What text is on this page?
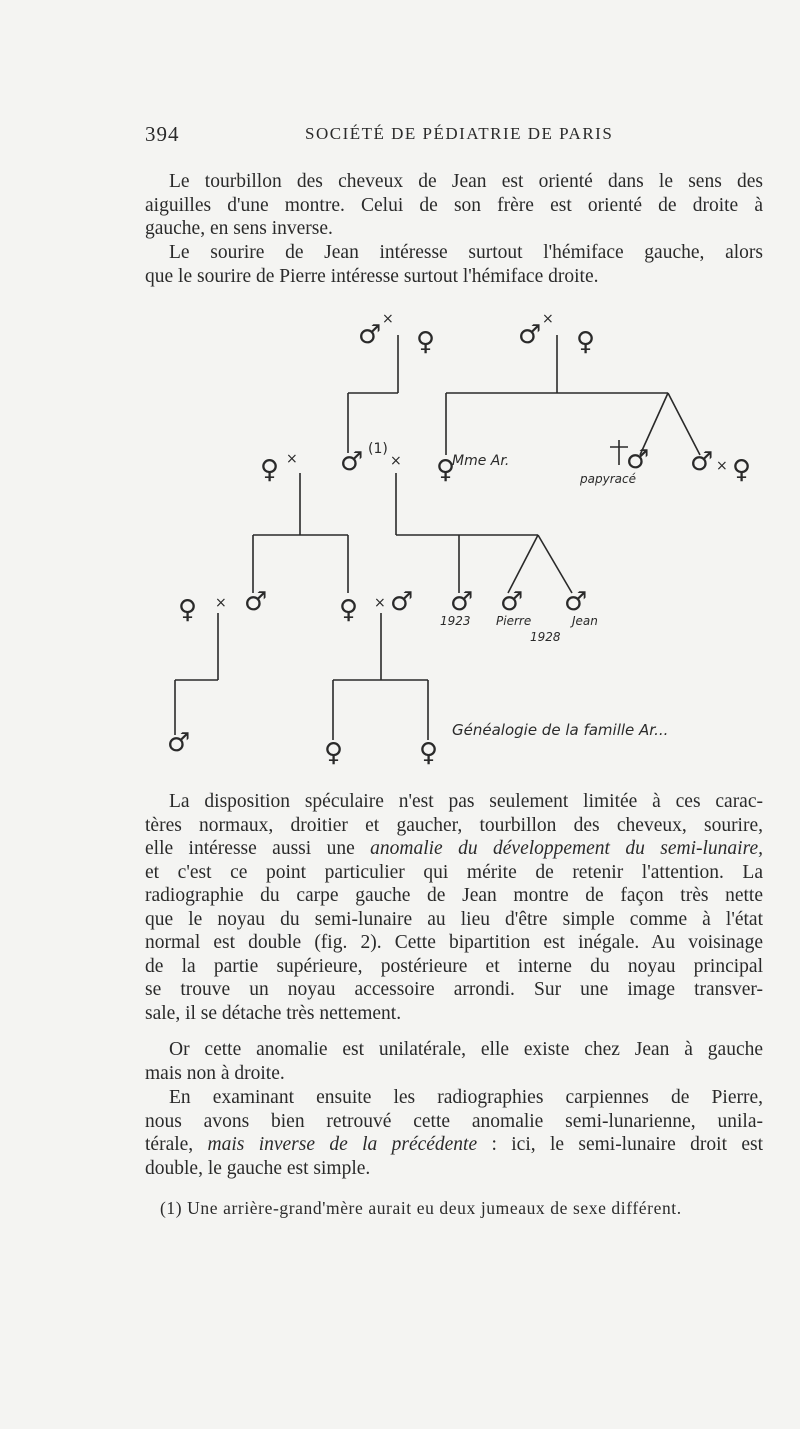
394	SOCIÉTÉ DE PÉDIATRIE DE PARIS
Le tourbillon des cheveux de Jean est orienté dans le sens des
aiguilles d'une montre. Celui de son frère est orienté de droite à
gauche, en sens inverse.
Le sourire de Jean intéresse surtout l'hémiface gauche, alors
que le sourire de Pierre intéresse surtout l'hémiface droite.
♂
×
♀	♂
×
♀
♀ × ♂ (1)
× ♀
Mme Ar.
papyracé
♂ ♂ × ♀
♀ × ♂	♀ × ♂ ♂
1923
♂
Pierre
♂
Jean
1928
♂	♀	♀
Généalogie de la famille Ar...
La disposition spéculaire n'est pas seulement limitée à ces carac-
tères normaux, droitier et gaucher, tourbillon des cheveux, sourire,
elle intéresse aussi une anomalie du développement du semi-lunaire,
et c'est ce point particulier qui mérite de retenir l'attention. La
radiographie du carpe gauche de Jean montre de façon très nette
que le noyau du semi-lunaire au lieu d'être simple comme à l'état
normal est double (fig. 2). Cette bipartition est inégale. Au voisinage
de la partie supérieure, postérieure et interne du noyau principal
se trouve un noyau accessoire arrondi. Sur une image transver-
sale, il se détache très nettement.
Or cette anomalie est unilatérale, elle existe chez Jean à gauche
mais non à droite.
En examinant ensuite les radiographies carpiennes de Pierre,
nous avons bien retrouvé cette anomalie semi-lunarienne, unila-
térale, mais inverse de la précédente : ici, le semi-lunaire droit est
double, le gauche est simple.
(1) Une arrière-grand'mère aurait eu deux jumeaux de sexe différent.
